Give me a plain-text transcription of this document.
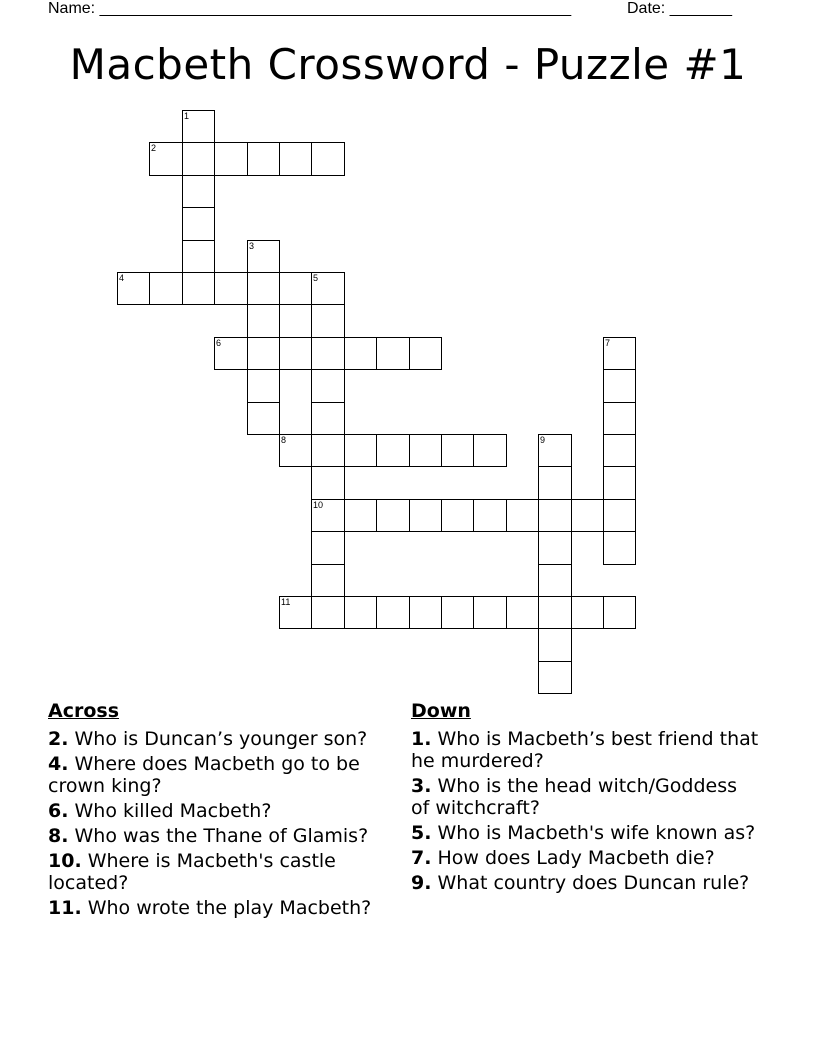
Name: _____________________________________________________	Date: _______
Macbeth Crossword - Puzzle #1
1
2
3
4	5
10
6	7
8	9
11
Across
2. Who is Duncan’s younger son?
4. Where does Macbeth go to be crown king?
6. Who killed Macbeth?
8. Who was the Thane of Glamis?
10. Where is Macbeth's castle located?
11. Who wrote the play Macbeth?
Down
1. Who is Macbeth’s best friend that he murdered?
3. Who is the head witch/Goddess of witchcraft?
5. Who is Macbeth's wife known as?
7. How does Lady Macbeth die?
9. What country does Duncan rule?
